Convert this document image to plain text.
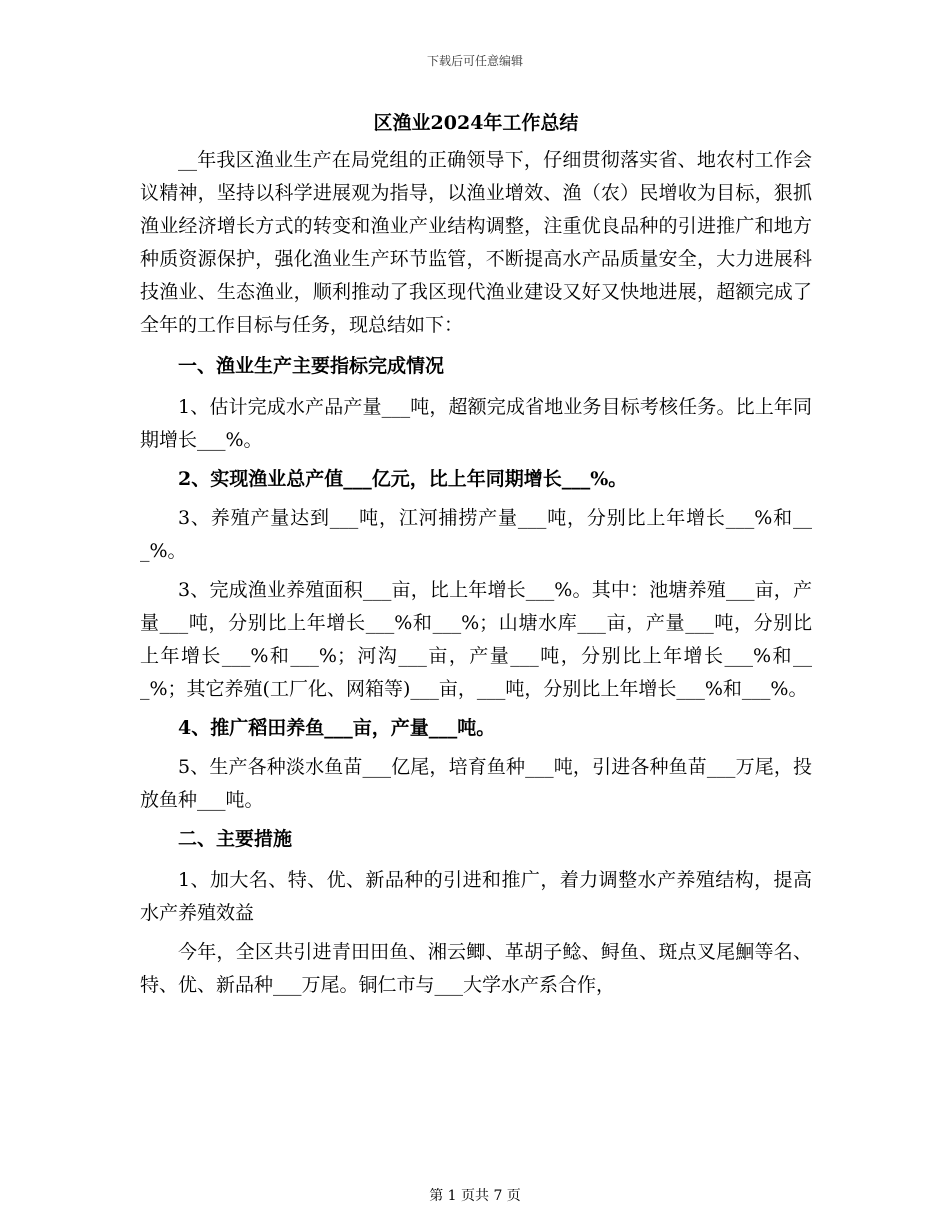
下载后可任意编辑
区渔业2024年工作总结

__年我区渔业生产在局党组的正确领导下，仔细贯彻落实省、地农村工作会议精神，坚持以科学进展观为指导，以渔业增效、渔（农）民增收为目标，狠抓渔业经济增长方式的转变和渔业产业结构调整，注重优良品种的引进推广和地方种质资源保护，强化渔业生产环节监管，不断提高水产品质量安全，大力进展科技渔业、生态渔业，顺利推动了我区现代渔业建设又好又快地进展，超额完成了全年的工作目标与任务，现总结如下：

一、渔业生产主要指标完成情况

1、估计完成水产品产量___吨，超额完成省地业务目标考核任务。比上年同期增长___%。

2、实现渔业总产值___亿元，比上年同期增长___%。

3、养殖产量达到___吨，江河捕捞产量___吨，分别比上年增长___%和___%。

3、完成渔业养殖面积___亩，比上年增长___%。其中：池塘养殖___亩，产量___吨，分别比上年增长___%和___%；山塘水库___亩，产量___吨，分别比上年增长___%和___%；河沟___亩，产量___吨，分别比上年增长___%和___%；其它养殖(工厂化、网箱等)___亩，___吨，分别比上年增长___%和___%。

4、推广稻田养鱼___亩，产量___吨。

5、生产各种淡水鱼苗___亿尾，培育鱼种___吨，引进各种鱼苗___万尾，投放鱼种___吨。

二、主要措施

1、加大名、特、优、新品种的引进和推广，着力调整水产养殖结构，提高水产养殖效益

今年，全区共引进青田田鱼、湘云鲫、革胡子鲶、鲟鱼、斑点叉尾鮰等名、特、优、新品种___万尾。铜仁市与___大学水产系合作，

第 1 页共 7 页
